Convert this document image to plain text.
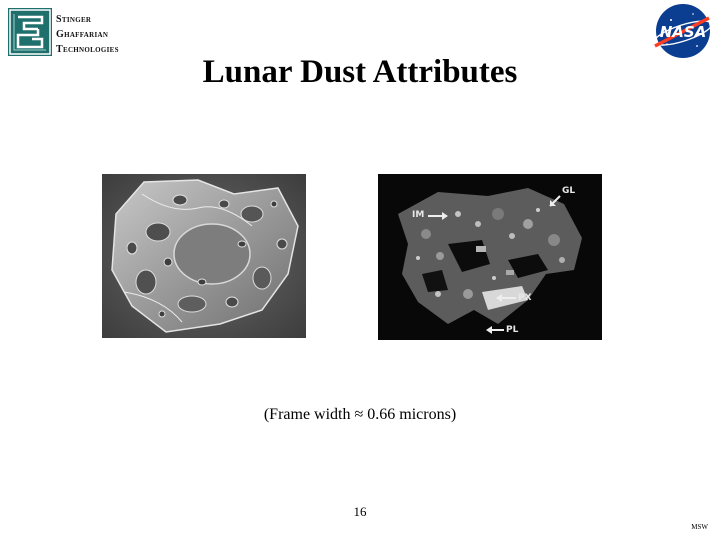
Stinger
Ghaffarian
Technologies
NASA
Lunar Dust Attributes
GL
IM
PX
PL
(Frame width ≈ 0.66 microns)
16
MSW
